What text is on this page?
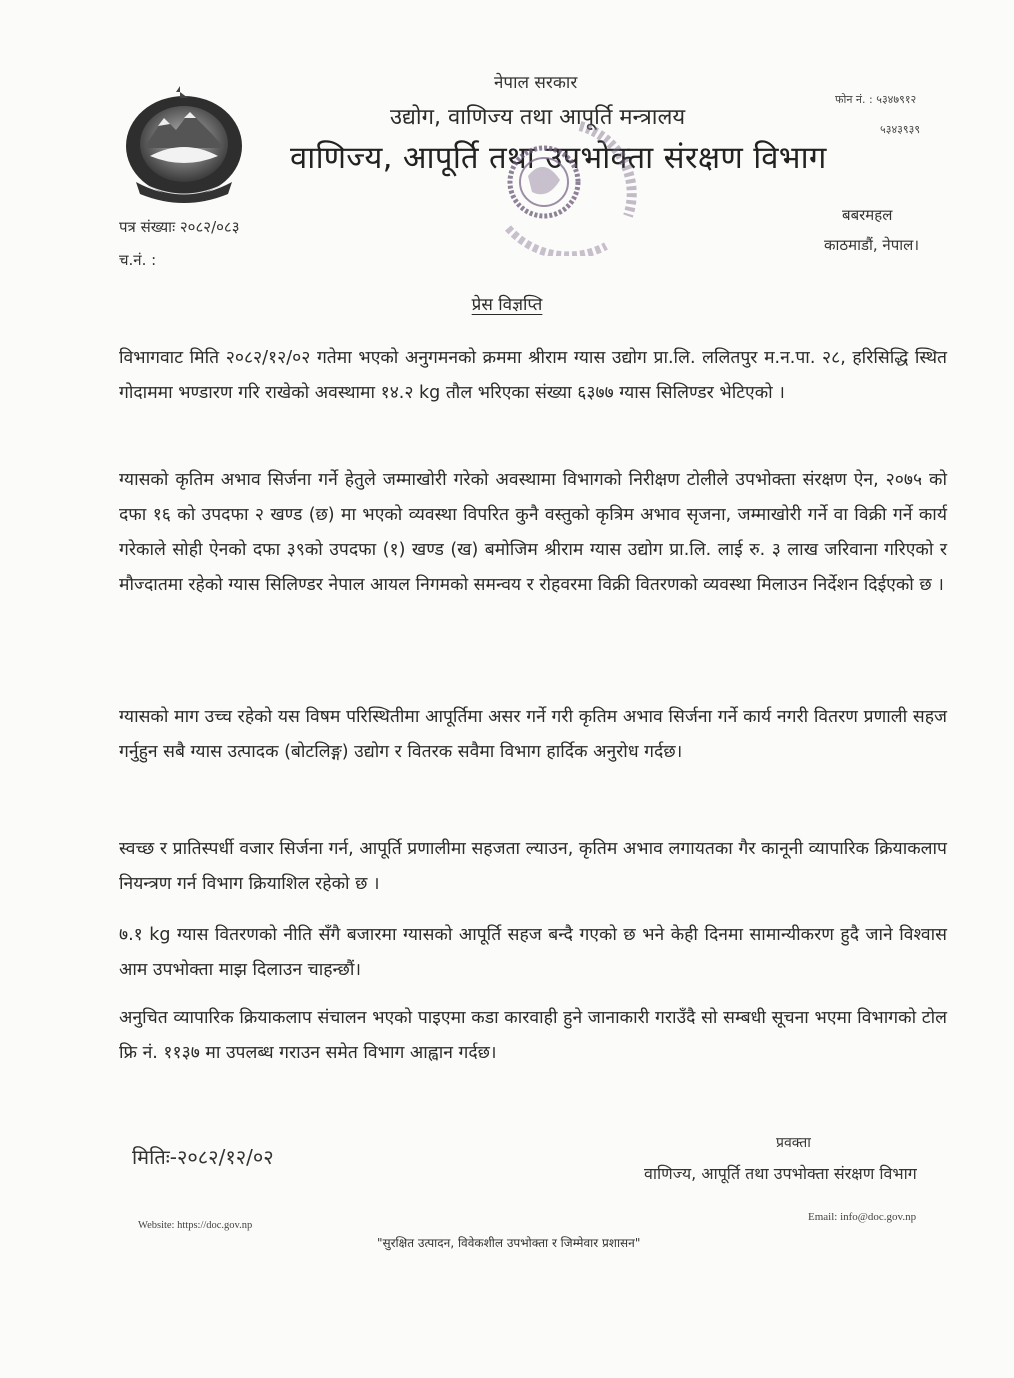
नेपाल सरकार
उद्योग, वाणिज्य तथा आपूर्ति मन्त्रालय
वाणिज्य, आपूर्ति तथा उपभोक्ता संरक्षण विभाग
फोन नं. : ५३४७९१२
५३४३९३९
पत्र संख्याः २०८२/०८३
च.नं. :
बबरमहल
काठमाडौं, नेपाल।
प्रेस विज्ञप्ति
विभागवाट मिति २०८२/१२/०२ गतेमा भएको अनुगमनको क्रममा श्रीराम ग्यास उद्योग प्रा.लि. ललितपुर म.न.पा. २८, हरिसिद्धि स्थित गोदाममा भण्डारण गरि राखेको अवस्थामा १४.२ kg तौल भरिएका संख्या ६३७७ ग्यास सिलिण्डर भेटिएको ।
ग्यासको कृतिम अभाव सिर्जना गर्ने हेतुले जम्माखोरी गरेको अवस्थामा विभागको निरीक्षण टोलीले उपभोक्ता संरक्षण ऐन, २०७५ को दफा १६ को उपदफा २ खण्ड (छ) मा भएको व्यवस्था विपरित कुनै वस्तुको कृत्रिम अभाव सृजना, जम्माखोरी गर्ने वा विक्री गर्ने कार्य गरेकाले सोही ऐनको दफा ३९को उपदफा (१) खण्ड (ख) बमोजिम श्रीराम ग्यास उद्योग प्रा.लि. लाई रु. ३ लाख जरिवाना गरिएको र मौज्दातमा रहेको ग्यास सिलिण्डर नेपाल आयल निगमको समन्वय र रोहवरमा विक्री वितरणको व्यवस्था मिलाउन निर्देशन दिईएको छ ।
ग्यासको माग उच्च रहेको यस विषम परिस्थितीमा आपूर्तिमा असर गर्ने गरी कृतिम अभाव सिर्जना गर्ने कार्य नगरी वितरण प्रणाली सहज गर्नुहुन सबै ग्यास उत्पादक (बोटलिङ्ग) उद्योग र वितरक सवैमा विभाग हार्दिक अनुरोध गर्दछ।
स्वच्छ र प्रातिस्पर्धी वजार सिर्जना गर्न, आपूर्ति प्रणालीमा सहजता ल्याउन, कृतिम अभाव लगायतका गैर कानूनी व्यापारिक क्रियाकलाप नियन्त्रण गर्न विभाग क्रियाशिल रहेको छ ।
७.१ kg ग्यास वितरणको नीति सँगै बजारमा ग्यासको आपूर्ति सहज बन्दै गएको छ भने केही दिनमा सामान्यीकरण हुदै जाने विश्वास आम उपभोक्ता माझ दिलाउन चाहन्छौं।
अनुचित व्यापारिक क्रियाकलाप संचालन भएको पाइएमा कडा कारवाही हुने जानाकारी गराउँदै सो सम्बधी सूचना भएमा विभागको टोल फ्रि नं. ११३७ मा उपलब्ध गराउन समेत विभाग आह्वान गर्दछ।
मितिः-२०८२/१२/०२
प्रवक्ता
वाणिज्य, आपूर्ति तथा उपभोक्ता संरक्षण विभाग
Website: https://doc.gov.np
Email: info@doc.gov.np
"सुरक्षित उत्पादन, विवेकशील उपभोक्ता र जिम्मेवार प्रशासन"
